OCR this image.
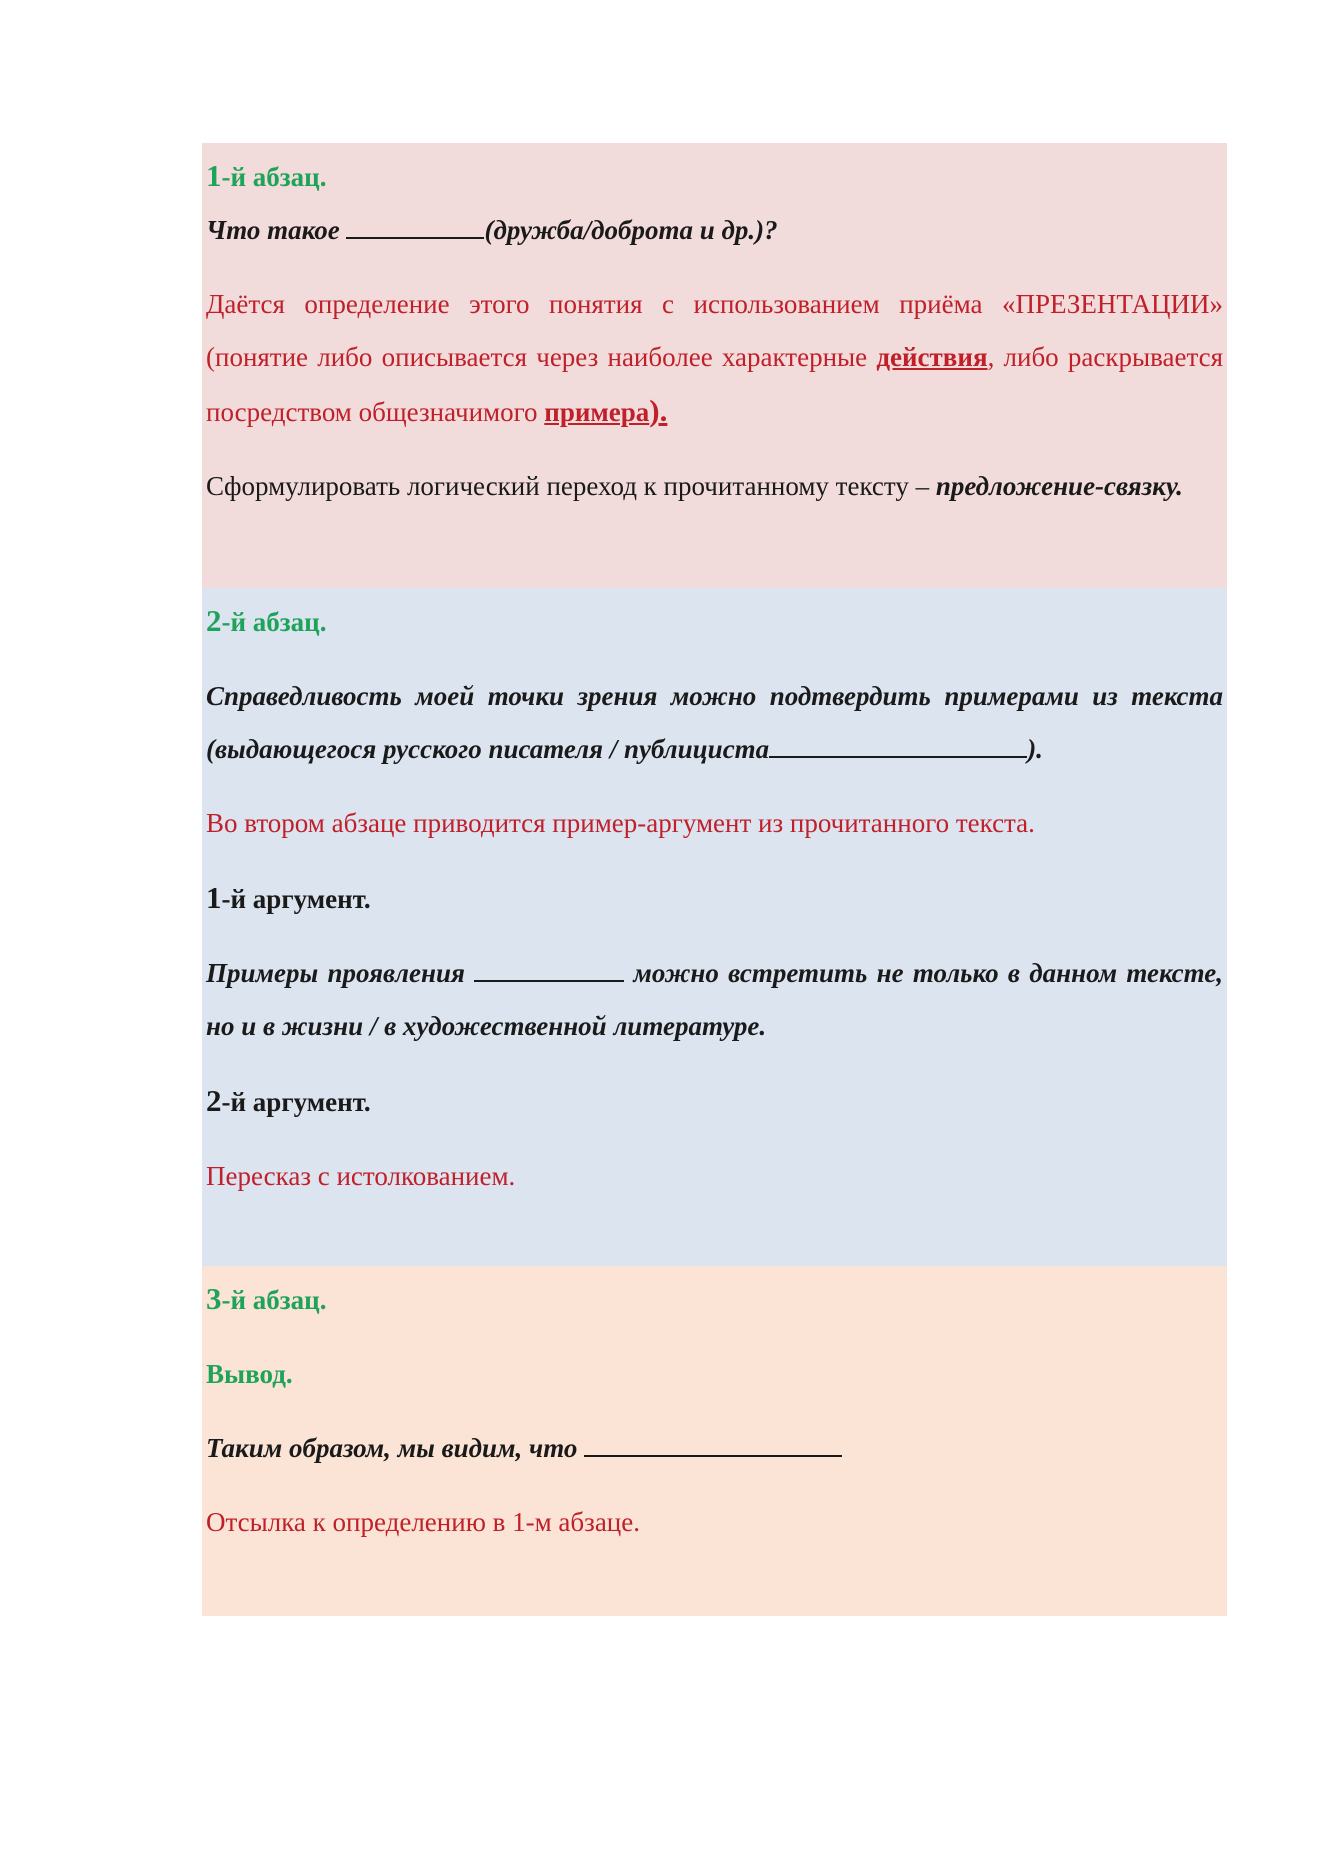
1-й абзац.

Что такое	(дружба/доброта и др.)?

Даётся определение этого понятия с использованием приёма «ПРЕЗЕНТАЦИИ» (понятие либо описывается через наиболее характерные действия, либо раскрывается посредством общезначимого примера).

Сформулировать логический переход к прочитанному тексту – предложение-связку.

2-й абзац.

Справедливость моей точки зрения можно подтвердить примерами из текста (выдающегося русского писателя / публициста	).

Во втором абзаце приводится пример-аргумент из прочитанного текста.

1-й аргумент.

Примеры проявления	можно встретить не только в данном тексте, но и в жизни / в художественной литературе.

2-й аргумент.

Пересказ с истолкованием.

3-й абзац.

Вывод.

Таким образом, мы видим, что

Отсылка к определению в 1-м абзаце.
